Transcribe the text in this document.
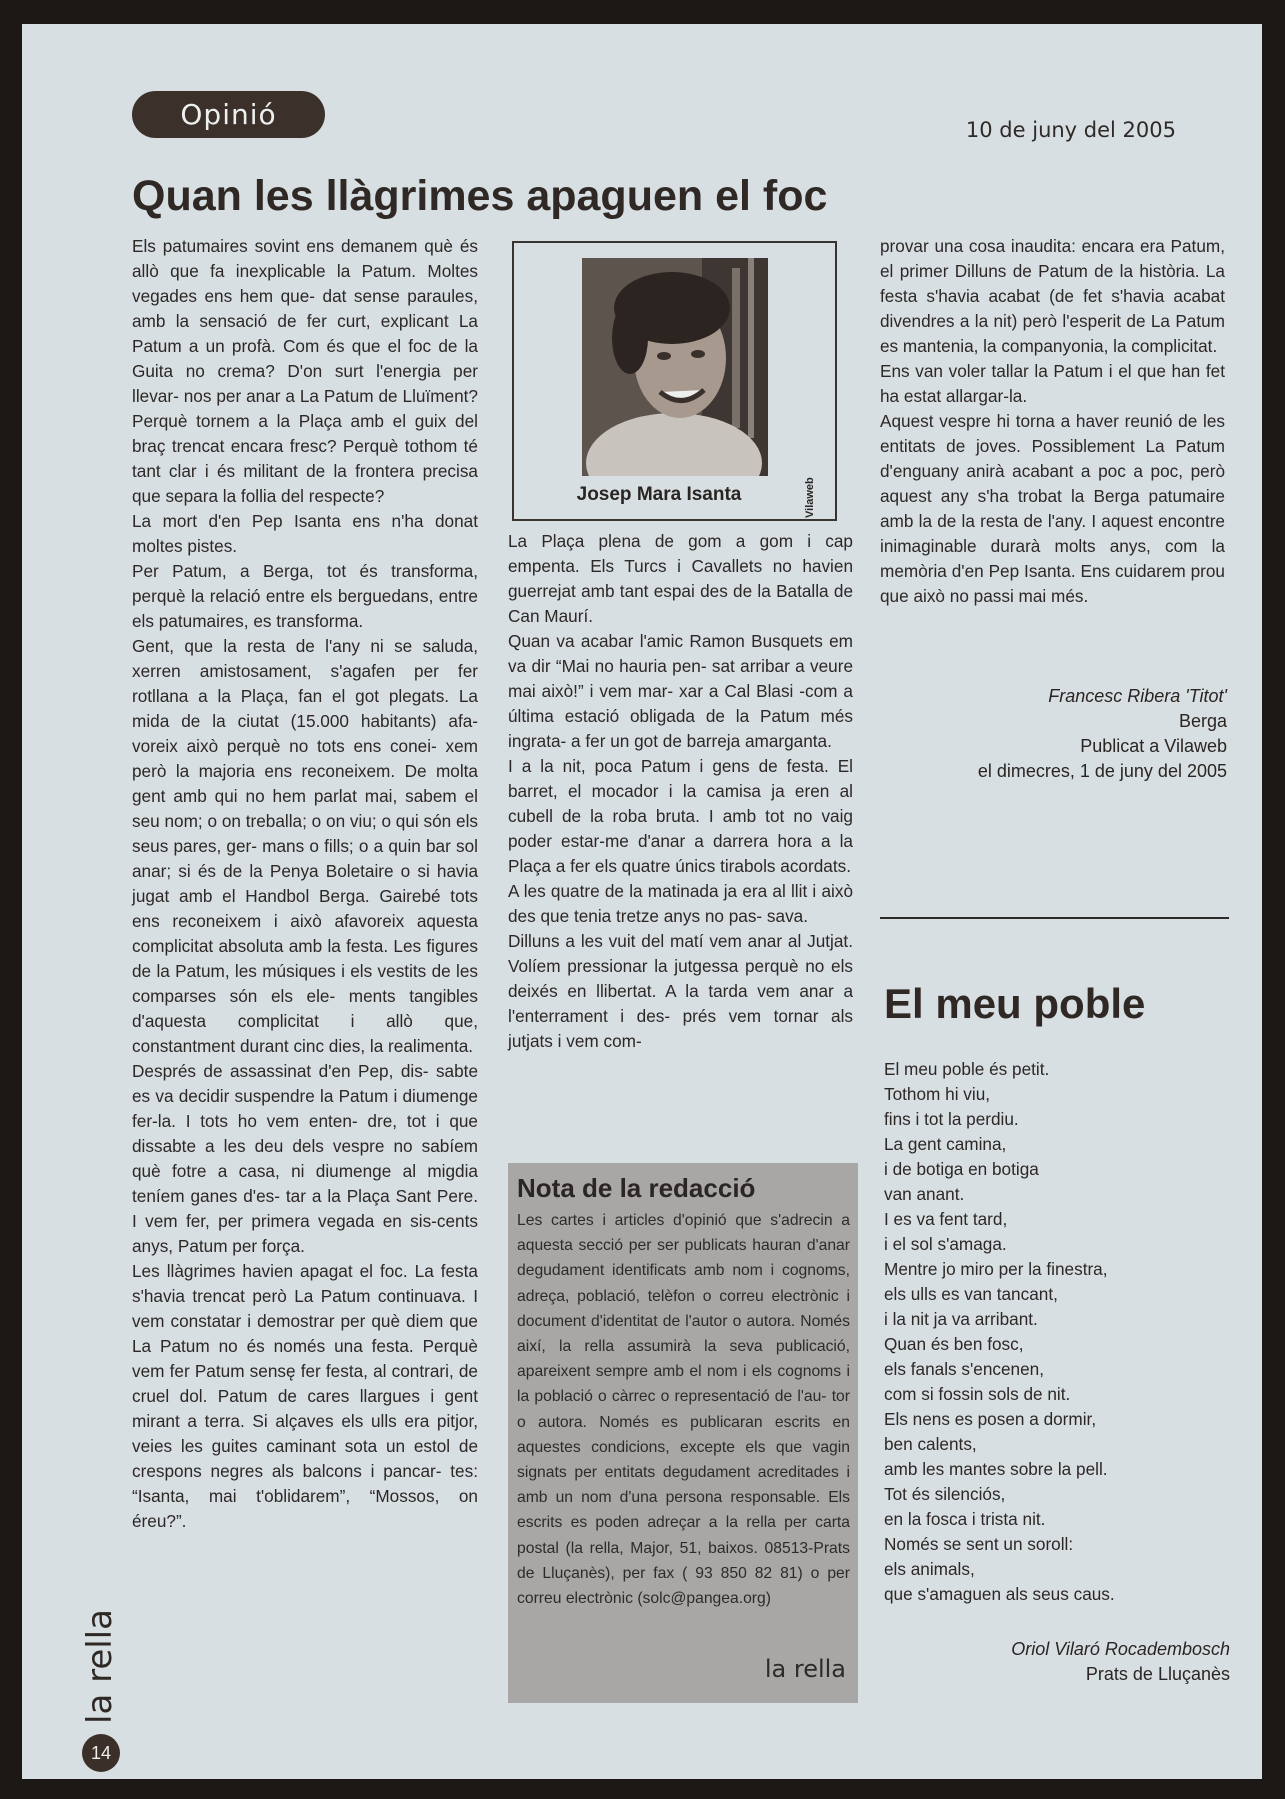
Opinió	10 de juny del 2005
Quan les llàgrimes apaguen el foc

Els patumaires sovint ens demanem què és allò que fa inexplicable la Patum. Moltes vegades ens hem que- dat sense paraules, amb la sensació de fer curt, explicant La Patum a un profà. Com és que el foc de la Guita no crema? D'on surt l'energia per llevar- nos per anar a La Patum de Lluïment? Perquè tornem a la Plaça amb el guix del braç trencat encara fresc? Perquè tothom té tant clar i és militant de la frontera precisa que separa la follia del respecte?

La mort d'en Pep Isanta ens n'ha donat moltes pistes.

Per Patum, a Berga, tot és transforma, perquè la relació entre els berguedans, entre els patumaires, es transforma.

Gent, que la resta de l'any ni se saluda, xerren amistosament, s'agafen per fer rotllana a la Plaça, fan el got plegats. La mida de la ciutat (15.000 habitants) afa- voreix això perquè no tots ens conei- xem però la majoria ens reconeixem. De molta gent amb qui no hem parlat mai, sabem el seu nom; o on treballa; o on viu; o qui són els seus pares, ger- mans o fills; o a quin bar sol anar; si és de la Penya Boletaire o si havia jugat amb el Handbol Berga. Gairebé tots ens reconeixem i això afavoreix aquesta complicitat absoluta amb la festa. Les figures de la Patum, les músiques i els vestits de les comparses són els ele- ments tangibles d'aquesta complicitat i allò que, constantment durant cinc dies, la realimenta.

Després de assassinat d'en Pep, dis- sabte es va decidir suspendre la Patum i diumenge fer-la. I tots ho vem enten- dre, tot i que dissabte a les deu dels vespre no sabíem què fotre a casa, ni diumenge al migdia teníem ganes d'es- tar a la Plaça Sant Pere. I vem fer, per primera vegada en sis-cents anys, Patum per força.

Les llàgrimes havien apagat el foc. La festa s'havia trencat però La Patum continuava. I vem constatar i demostrar per què diem que La Patum no és només una festa. Perquè vem fer Patum sensę fer festa, al contrari, de cruel dol. Patum de cares llargues i gent mirant a terra. Si alçaves els ulls era pitjor, veies les guites caminant sota un estol de crespons negres als balcons i pancar- tes: “Isanta, mai t'oblidarem”, “Mossos, on éreu?”.

Josep Mara Isanta	Vilaweb

La Plaça plena de gom a gom i cap empenta. Els Turcs i Cavallets no havien guerrejat amb tant espai des de la Batalla de Can Maurí.

Quan va acabar l'amic Ramon Busquets em va dir “Mai no hauria pen- sat arribar a veure mai això!” i vem mar- xar a Cal Blasi -com a última estació obligada de la Patum més ingrata- a fer un got de barreja amarganta.

I a la nit, poca Patum i gens de festa. El barret, el mocador i la camisa ja eren al cubell de la roba bruta. I amb tot no vaig poder estar-me d'anar a darrera hora a la Plaça a fer els quatre únics tirabols acordats.

A les quatre de la matinada ja era al llit i això des que tenia tretze anys no pas- sava.

Dilluns a les vuit del matí vem anar al Jutjat. Volíem pressionar la jutgessa perquè no els deixés en llibertat. A la tarda vem anar a l'enterrament i des- prés vem tornar als jutjats i vem com-

provar una cosa inaudita: encara era Patum, el primer Dilluns de Patum de la història. La festa s'havia acabat (de fet s'havia acabat divendres a la nit) però l'esperit de La Patum es mantenia, la companyonia, la complicitat.

Ens van voler tallar la Patum i el que han fet ha estat allargar-la.

Aquest vespre hi torna a haver reunió de les entitats de joves. Possiblement La Patum d'enguany anirà acabant a poc a poc, però aquest any s'ha trobat la Berga patumaire amb la de la resta de l'any. I aquest encontre inimaginable durarà molts anys, com la memòria d'en Pep Isanta. Ens cuidarem prou que això no passi mai més.

Francesc Ribera 'Titot'
Berga
Publicat a Vilaweb
el dimecres, 1 de juny del 2005
El meu poble
El meu poble és petit.
Tothom hi viu,
fins i tot la perdiu.
La gent camina,
i de botiga en botiga
van anant.
I es va fent tard,
i el sol s'amaga.
Mentre jo miro per la finestra,
els ulls es van tancant,
i la nit ja va arribant.
Quan és ben fosc,
els fanals s'encenen,
com si fossin sols de nit.
Els nens es posen a dormir,
ben calents,
amb les mantes sobre la pell.
Tot és silenciós,
en la fosca i trista nit.
Només se sent un soroll:
els animals,
que s'amaguen als seus caus.
Oriol Vilaró Rocadembosch
Prats de Lluçanès
Nota de la redacció
Les cartes i articles d'opinió que s'adrecin a aquesta secció per ser publicats hauran d'anar degudament identificats amb nom i cognoms, adreça, població, telèfon o correu electrònic i document d'identitat de l'autor o autora. Només així, la rella assumirà la seva publicació, apareixent sempre amb el nom i els cognoms i la població o càrrec o representació de l'au- tor o autora. Només es publicaran escrits en aquestes condicions, excepte els que vagin signats per entitats degudament acreditades i amb un nom d'una persona responsable. Els escrits es poden adreçar a la rella per carta postal (la rella, Major, 51, baixos. 08513-Prats de Lluçanès), per fax ( 93 850 82 81) o per correu electrònic (solc@pangea.org)
la rella
la rella
14
